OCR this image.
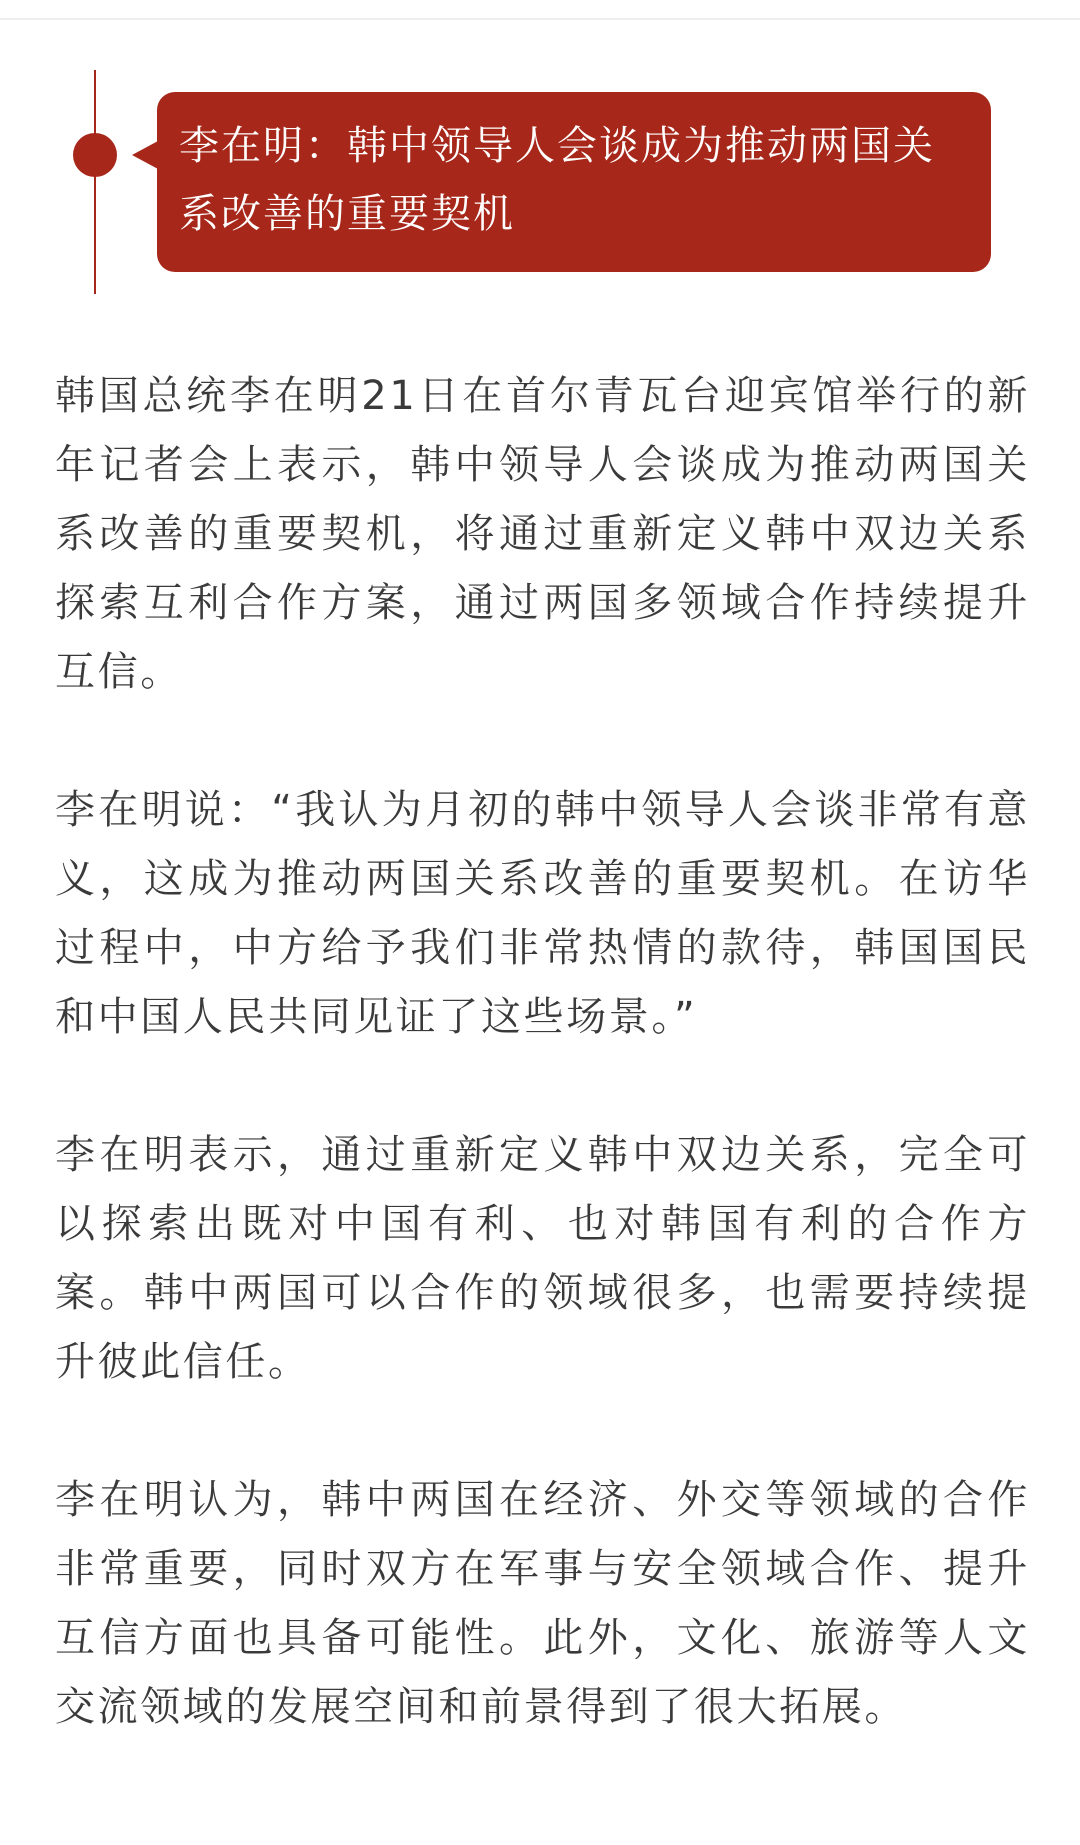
李在明：韩中领导人会谈成为推动两国关系改善的重要契机

韩国总统李在明21日在首尔青瓦台迎宾馆举行的新年记者会上表示，韩中领导人会谈成为推动两国关系改善的重要契机，将通过重新定义韩中双边关系探索互利合作方案，通过两国多领域合作持续提升互信。

李在明说：“我认为月初的韩中领导人会谈非常有意义，这成为推动两国关系改善的重要契机。在访华过程中，中方给予我们非常热情的款待，韩国国民和中国人民共同见证了这些场景。”

李在明表示，通过重新定义韩中双边关系，完全可以探索出既对中国有利、也对韩国有利的合作方案。韩中两国可以合作的领域很多，也需要持续提升彼此信任。

李在明认为，韩中两国在经济、外交等领域的合作非常重要，同时双方在军事与安全领域合作、提升互信方面也具备可能性。此外，文化、旅游等人文交流领域的发展空间和前景得到了很大拓展。
